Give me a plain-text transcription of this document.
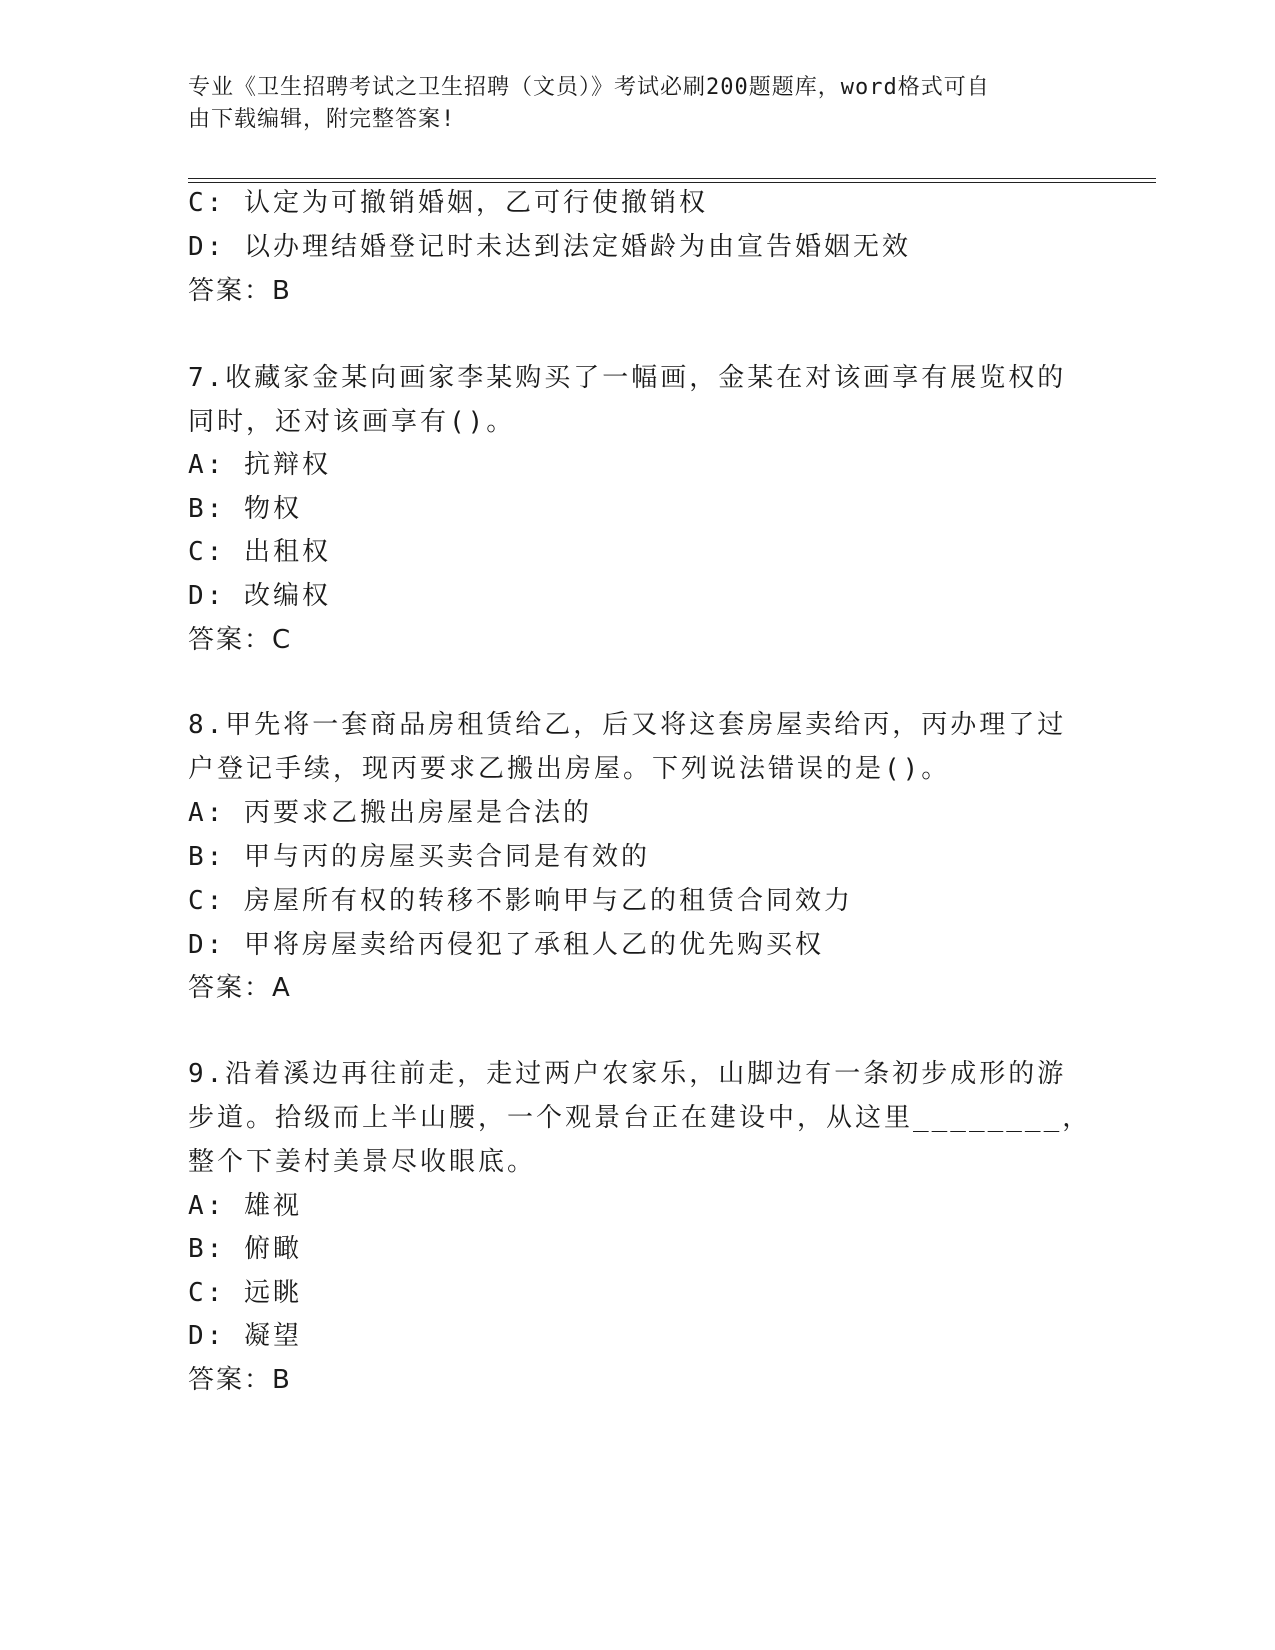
专业《卫生招聘考试之卫生招聘（文员）》考试必刷200题题库，word格式可自
由下载编辑，附完整答案!
C: 认定为可撤销婚姻，乙可行使撤销权
D: 以办理结婚登记时未达到法定婚龄为由宣告婚姻无效
答案：B
7.收藏家金某向画家李某购买了一幅画，金某在对该画享有展览权的
同时，还对该画享有()。
A: 抗辩权
B: 物权
C: 出租权
D: 改编权
答案：C
8.甲先将一套商品房租赁给乙，后又将这套房屋卖给丙，丙办理了过
户登记手续，现丙要求乙搬出房屋。下列说法错误的是()。
A: 丙要求乙搬出房屋是合法的
B: 甲与丙的房屋买卖合同是有效的
C: 房屋所有权的转移不影响甲与乙的租赁合同效力
D: 甲将房屋卖给丙侵犯了承租人乙的优先购买权
答案：A
9.沿着溪边再往前走，走过两户农家乐，山脚边有一条初步成形的游
步道。拾级而上半山腰，一个观景台正在建设中，从这里________，
整个下姜村美景尽收眼底。
A: 雄视
B: 俯瞰
C: 远眺
D: 凝望
答案：B
